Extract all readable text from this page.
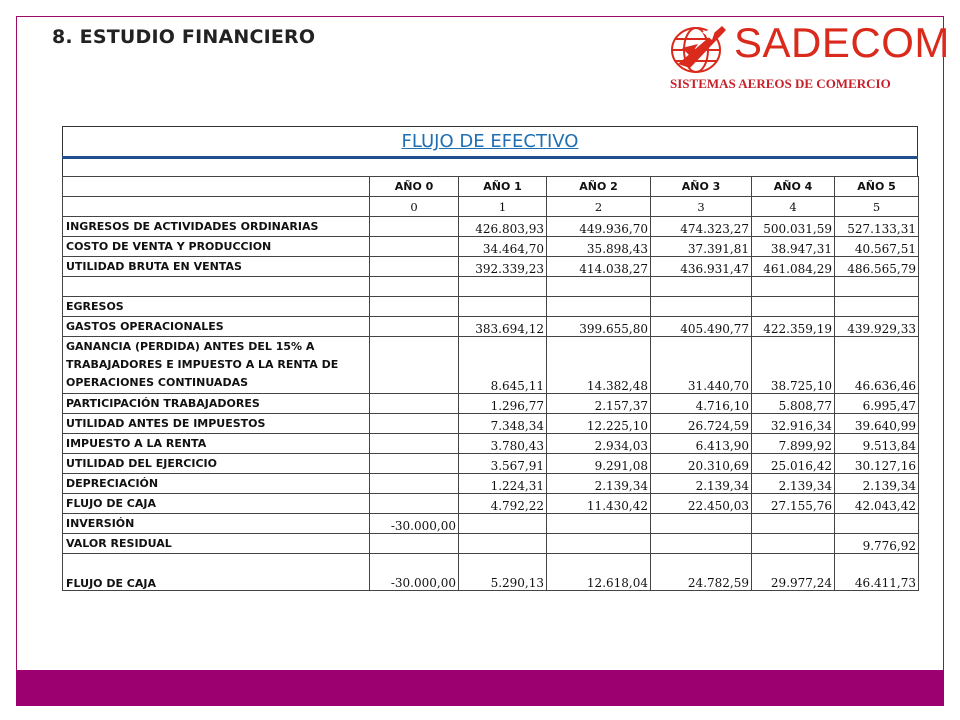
8. ESTUDIO FINANCIERO	SADECOM
SISTEMAS AEREOS DE COMERCIO
FLUJO DE EFECTIVO
	AÑO 0	AÑO 1	AÑO 2	AÑO 3	AÑO 4	AÑO 5
	0	1	2	3	4	5
INGRESOS DE ACTIVIDADES ORDINARIAS		426.803,93	449.936,70	474.323,27	500.031,59	527.133,31
COSTO DE VENTA Y PRODUCCION		34.464,70	35.898,43	37.391,81	38.947,31	40.567,51
UTILIDAD BRUTA EN VENTAS		392.339,23	414.038,27	436.931,47	461.084,29	486.565,79

EGRESOS						
GASTOS OPERACIONALES		383.694,12	399.655,80	405.490,77	422.359,19	439.929,33
GANANCIA (PERDIDA) ANTES DEL 15% A TRABAJADORES E IMPUESTO A LA RENTA DE OPERACIONES CONTINUADAS		8.645,11	14.382,48	31.440,70	38.725,10	46.636,46
PARTICIPACIÓN TRABAJADORES		1.296,77	2.157,37	4.716,10	5.808,77	6.995,47
UTILIDAD ANTES DE IMPUESTOS		7.348,34	12.225,10	26.724,59	32.916,34	39.640,99
IMPUESTO A LA RENTA		3.780,43	2.934,03	6.413,90	7.899,92	9.513,84
UTILIDAD DEL EJERCICIO		3.567,91	9.291,08	20.310,69	25.016,42	30.127,16
DEPRECIACIÓN		1.224,31	2.139,34	2.139,34	2.139,34	2.139,34
FLUJO DE CAJA		4.792,22	11.430,42	22.450,03	27.155,76	42.043,42
INVERSIÓN	-30.000,00					
VALOR RESIDUAL						9.776,92
FLUJO DE CAJA	-30.000,00	5.290,13	12.618,04	24.782,59	29.977,24	46.411,73
